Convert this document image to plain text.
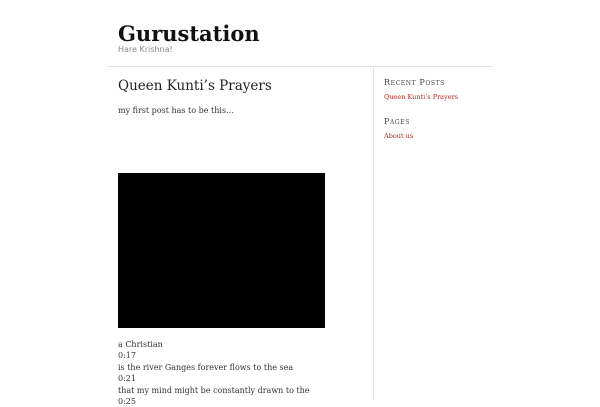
Gurustation
Hare Krishna!
Queen Kunti’s Prayers
my first post has to be this…
a Christian
0:17
is the river Ganges forever flows to the sea
0:21
that my mind might be constantly drawn to the
0:25
Recent Posts
Queen Kunti’s Prayers
Pages
About us
